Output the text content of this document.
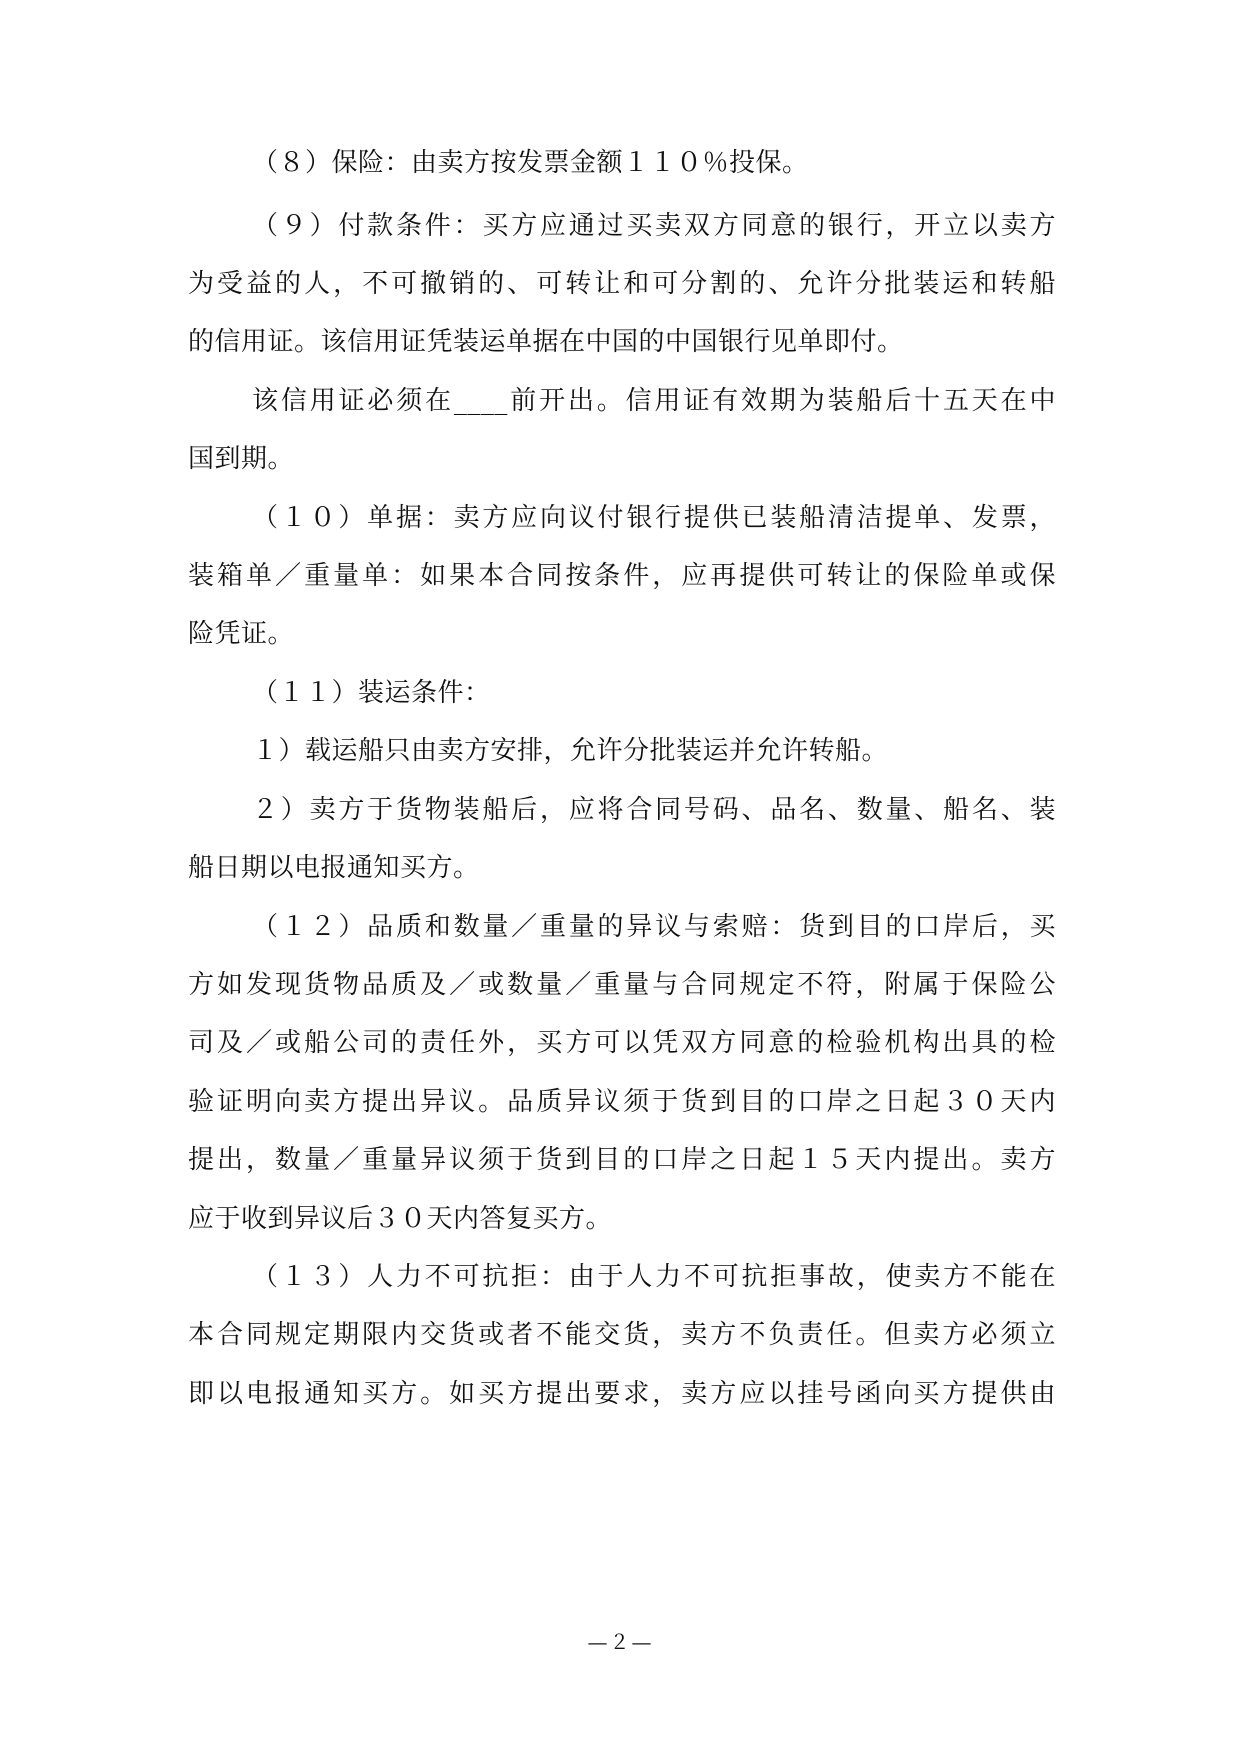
（８）保险：由卖方按发票金额１１０％投保。
（９）付款条件：买方应通过买卖双方同意的银行，开立以卖方
为受益的人，不可撤销的、可转让和可分割的、允许分批装运和转船
的信用证。该信用证凭装运单据在中国的中国银行见单即付。
该信用证必须在____前开出。信用证有效期为装船后十五天在中
国到期。
（１０）单据：卖方应向议付银行提供已装船清洁提单、发票，
装箱单／重量单：如果本合同按条件，应再提供可转让的保险单或保
险凭证。
（１１）装运条件：
１）载运船只由卖方安排，允许分批装运并允许转船。
２）卖方于货物装船后，应将合同号码、品名、数量、船名、装
船日期以电报通知买方。
（１２）品质和数量／重量的异议与索赔：货到目的口岸后，买
方如发现货物品质及／或数量／重量与合同规定不符，附属于保险公
司及／或船公司的责任外，买方可以凭双方同意的检验机构出具的检
验证明向卖方提出异议。品质异议须于货到目的口岸之日起３０天内
提出，数量／重量异议须于货到目的口岸之日起１５天内提出。卖方
应于收到异议后３０天内答复买方。
（１３）人力不可抗拒：由于人力不可抗拒事故，使卖方不能在
本合同规定期限内交货或者不能交货，卖方不负责任。但卖方必须立
即以电报通知买方。如买方提出要求，卖方应以挂号函向买方提供由
—２—
